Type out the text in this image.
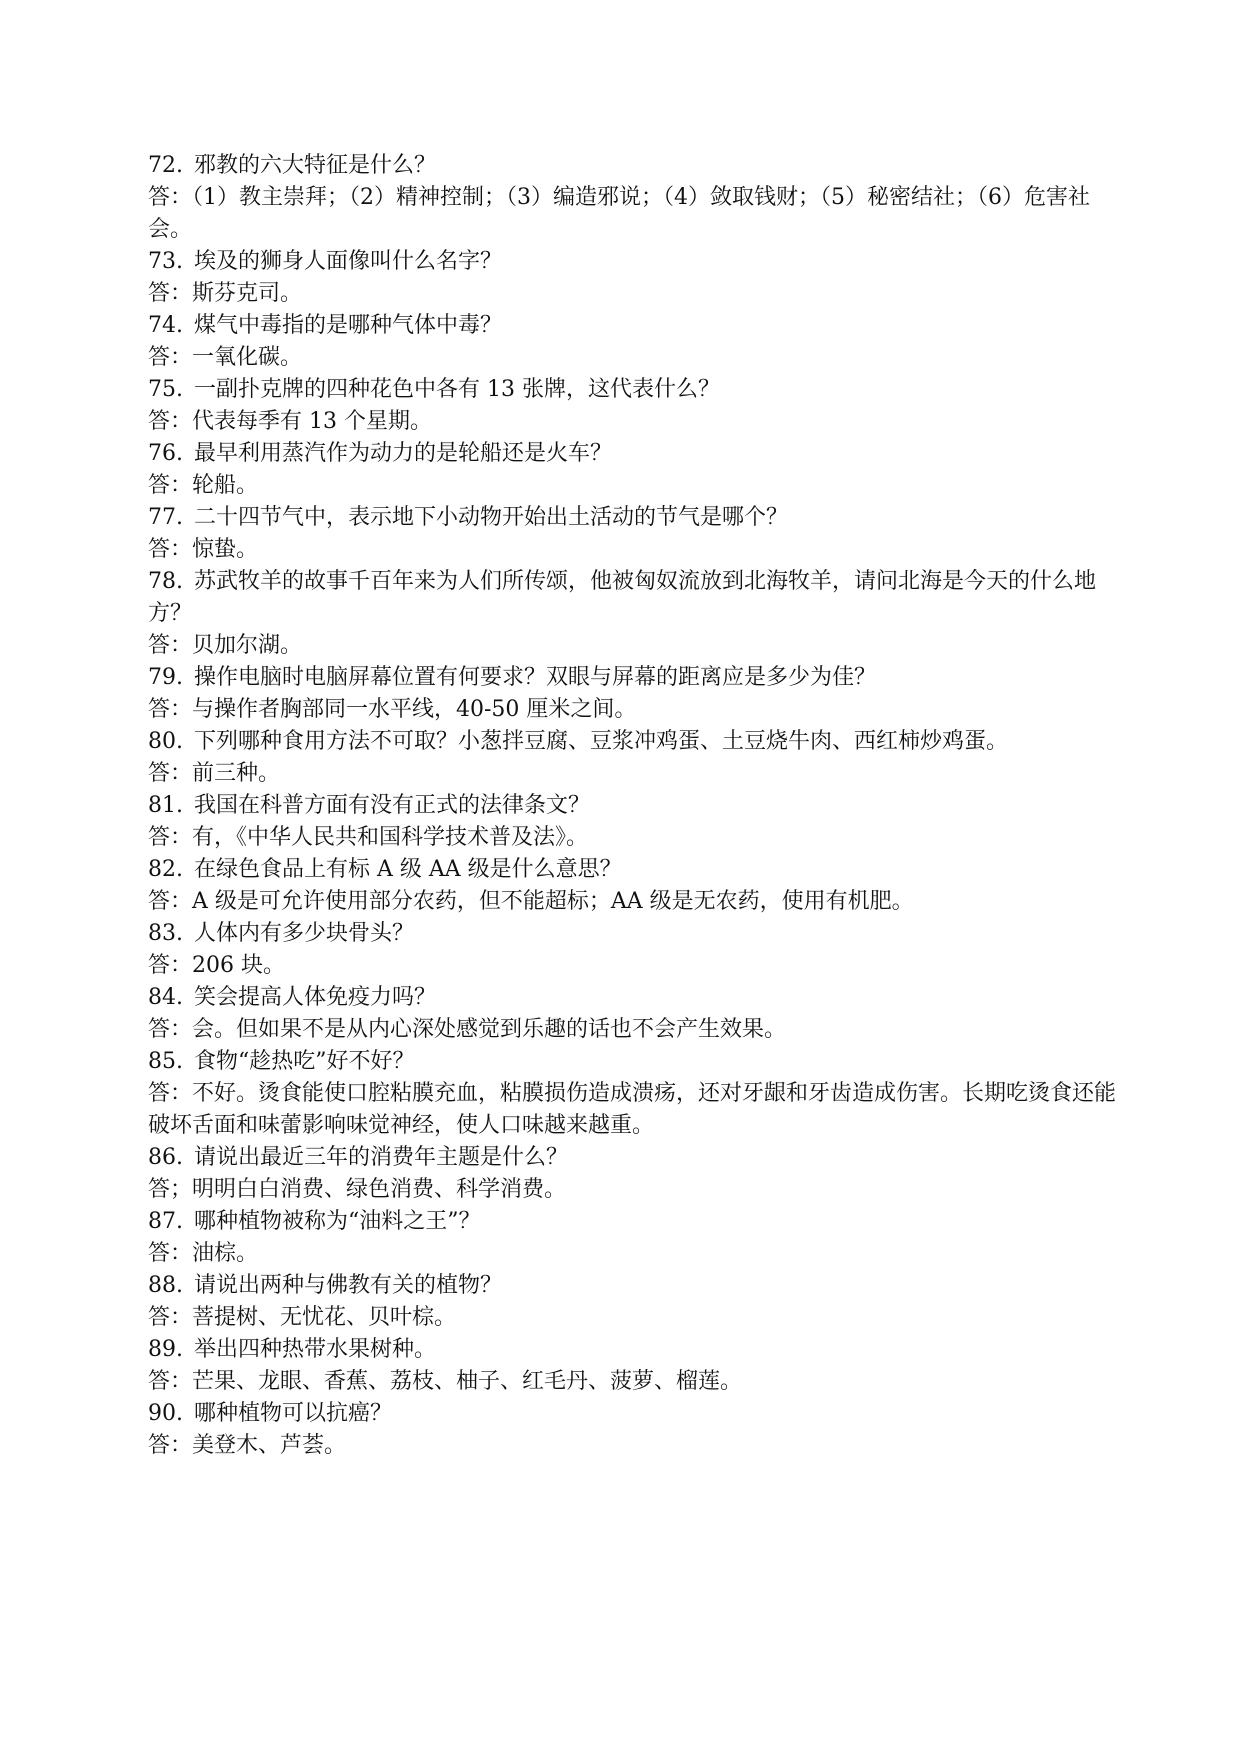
72. 邪教的六大特征是什么？
答：（1）教主崇拜；（2）精神控制；（3）编造邪说；（4）敛取钱财；（5）秘密结社；（6）危害社会。
73. 埃及的狮身人面像叫什么名字？
答：斯芬克司。
74. 煤气中毒指的是哪种气体中毒？
答：一氧化碳。
75. 一副扑克牌的四种花色中各有 13 张牌，这代表什么？
答：代表每季有 13 个星期。
76. 最早利用蒸汽作为动力的是轮船还是火车？
答：轮船。
77. 二十四节气中，表示地下小动物开始出土活动的节气是哪个？
答：惊蛰。
78. 苏武牧羊的故事千百年来为人们所传颂，他被匈奴流放到北海牧羊，请问北海是今天的什么地方？
答：贝加尔湖。
79. 操作电脑时电脑屏幕位置有何要求？双眼与屏幕的距离应是多少为佳？
答：与操作者胸部同一水平线，40-50 厘米之间。
80. 下列哪种食用方法不可取？小葱拌豆腐、豆浆冲鸡蛋、土豆烧牛肉、西红柿炒鸡蛋。
答：前三种。
81. 我国在科普方面有没有正式的法律条文？
答：有，《中华人民共和国科学技术普及法》。
82. 在绿色食品上有标 A 级 AA 级是什么意思？
答：A 级是可允许使用部分农药，但不能超标；AA 级是无农药，使用有机肥。
83. 人体内有多少块骨头？
答：206 块。
84. 笑会提高人体免疫力吗？
答：会。但如果不是从内心深处感觉到乐趣的话也不会产生效果。
85. 食物“趁热吃”好不好？
答：不好。烫食能使口腔粘膜充血，粘膜损伤造成溃疡，还对牙龈和牙齿造成伤害。长期吃烫食还能破坏舌面和味蕾影响味觉神经，使人口味越来越重。
86. 请说出最近三年的消费年主题是什么？
答；明明白白消费、绿色消费、科学消费。
87. 哪种植物被称为“油料之王”？
答：油棕。
88. 请说出两种与佛教有关的植物？
答：菩提树、无忧花、贝叶棕。
89. 举出四种热带水果树种。
答：芒果、龙眼、香蕉、荔枝、柚子、红毛丹、菠萝、榴莲。
90. 哪种植物可以抗癌？
答：美登木、芦荟。
